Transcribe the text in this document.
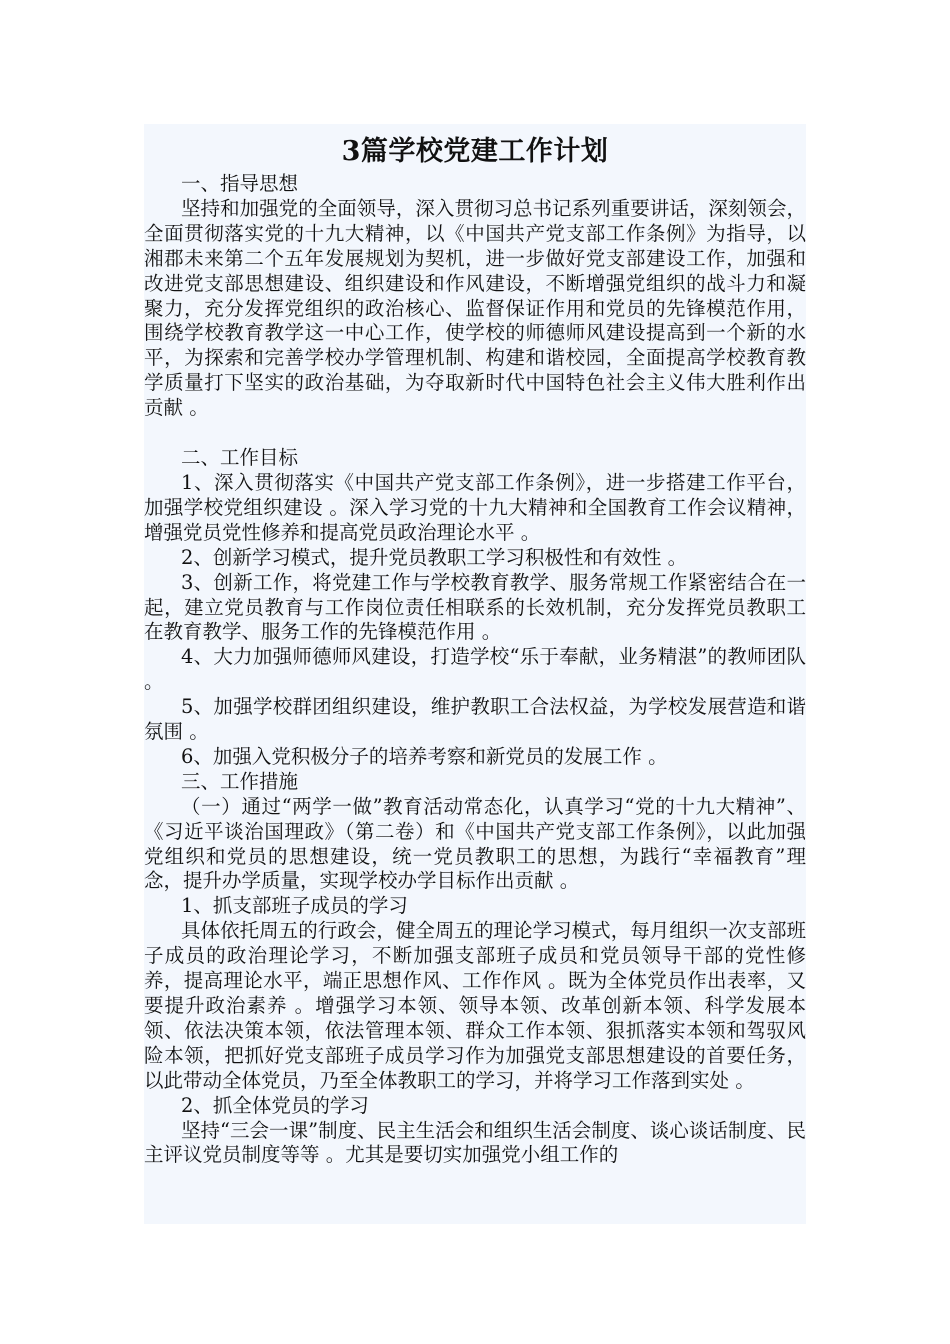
3篇学校党建工作计划

一、指导思想

坚持和加强党的全面领导，深入贯彻习总书记系列重要讲话，深刻领会，全面贯彻落实党的十九大精神，以《中国共产党支部工作条例》为指导，以湘郡未来第二个五年发展规划为契机，进一步做好党支部建设工作，加强和改进党支部思想建设、组织建设和作风建设，不断增强党组织的战斗力和凝聚力，充分发挥党组织的政治核心、监督保证作用和党员的先锋模范作用，围绕学校教育教学这一中心工作，使学校的师德师风建设提高到一个新的水平，为探索和完善学校办学管理机制、构建和谐校园，全面提高学校教育教学质量打下坚实的政治基础，为夺取新时代中国特色社会主义伟大胜利作出贡献 。

二、工作目标

1、深入贯彻落实《中国共产党支部工作条例》，进一步搭建工作平台，加强学校党组织建设 。深入学习党的十九大精神和全国教育工作会议精神，增强党员党性修养和提高党员政治理论水平 。

2、创新学习模式，提升党员教职工学习积极性和有效性 。

3、创新工作，将党建工作与学校教育教学、服务常规工作紧密结合在一起，建立党员教育与工作岗位责任相联系的长效机制，充分发挥党员教职工在教育教学、服务工作的先锋模范作用 。

4、大力加强师德师风建设，打造学校“乐于奉献，业务精湛”的教师团队 。

5、加强学校群团组织建设，维护教职工合法权益，为学校发展营造和谐氛围 。

6、加强入党积极分子的培养考察和新党员的发展工作 。

三、工作措施

（一）通过“两学一做”教育活动常态化，认真学习“党的十九大精神”、《习近平谈治国理政》（第二卷）和《中国共产党支部工作条例》，以此加强党组织和党员的思想建设，统一党员教职工的思想，为践行“幸福教育”理念，提升办学质量，实现学校办学目标作出贡献 。

1、抓支部班子成员的学习

具体依托周五的行政会，健全周五的理论学习模式，每月组织一次支部班子成员的政治理论学习，不断加强支部班子成员和党员领导干部的党性修养，提高理论水平，端正思想作风、工作作风 。既为全体党员作出表率，又要提升政治素养 。增强学习本领、领导本领、改革创新本领、科学发展本领、依法决策本领，依法管理本领、群众工作本领、狠抓落实本领和驾驭风险本领，把抓好党支部班子成员学习作为加强党支部思想建设的首要任务，以此带动全体党员，乃至全体教职工的学习，并将学习工作落到实处 。

2、抓全体党员的学习

坚持“三会一课”制度、民主生活会和组织生活会制度、谈心谈话制度、民主评议党员制度等等 。尤其是要切实加强党小组工作的
